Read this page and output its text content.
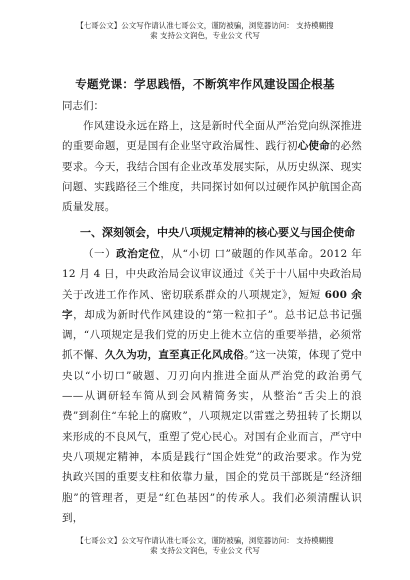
【七哥公文】公文写作请认准七哥公文，谨防被骗，浏览器访问： 支持模糊搜
索 支持公文润色，专业公文 代写
专题党课：学思践悟，不断筑牢作风建设国企根基
同志们：
作风建设永远在路上，这是新时代全面从严治党向纵深推进的重要命题，更是国有企业坚守政治属性、践行初心使命的必然要求。今天，我结合国有企业改革发展实际，从历史纵深、现实问题、实践路径三个维度，共同探讨如何以过硬作风护航国企高质量发展。
一、深刻领会，中央八项规定精神的核心要义与国企使命
（一）政治定位，从“小切 口”破题的作风革命。2012 年 12 月 4 日，中央政治局会议审议通过《关于十八届中央政治局关于改进工作作风、密切联系群众的八项规定》，短短 600 余字，却成为新时代作风建设的“第一粒扣子”。总书记总书记强调，“八项规定是我们党的历史上徙木立信的重要举措，必须常抓不懈、久久为功，直至真正化风成俗。”这一决策，体现了党中央以“小切口”破题、刀刃向内推进全面从严治党的政治勇气——从调研轻车简从到会风精简务实，从整治“舌尖上的浪费”到刹住“车轮上的腐败”，八项规定以雷霆之势扭转了长期以来形成的不良风气，重塑了党心民心。对国有企业而言，严守中央八项规定精神，本质是践行“国企姓党”的政治要求。作为党执政兴国的重要支柱和依靠力量，国企的党员干部既是“经济细胞”的管理者，更是“红色基因”的传承人。我们必须清醒认识到，
【七哥公文】公文写作请认准七哥公文，谨防被骗，浏览器访问： 支持模糊搜
索 支持公文润色，专业公文 代写
